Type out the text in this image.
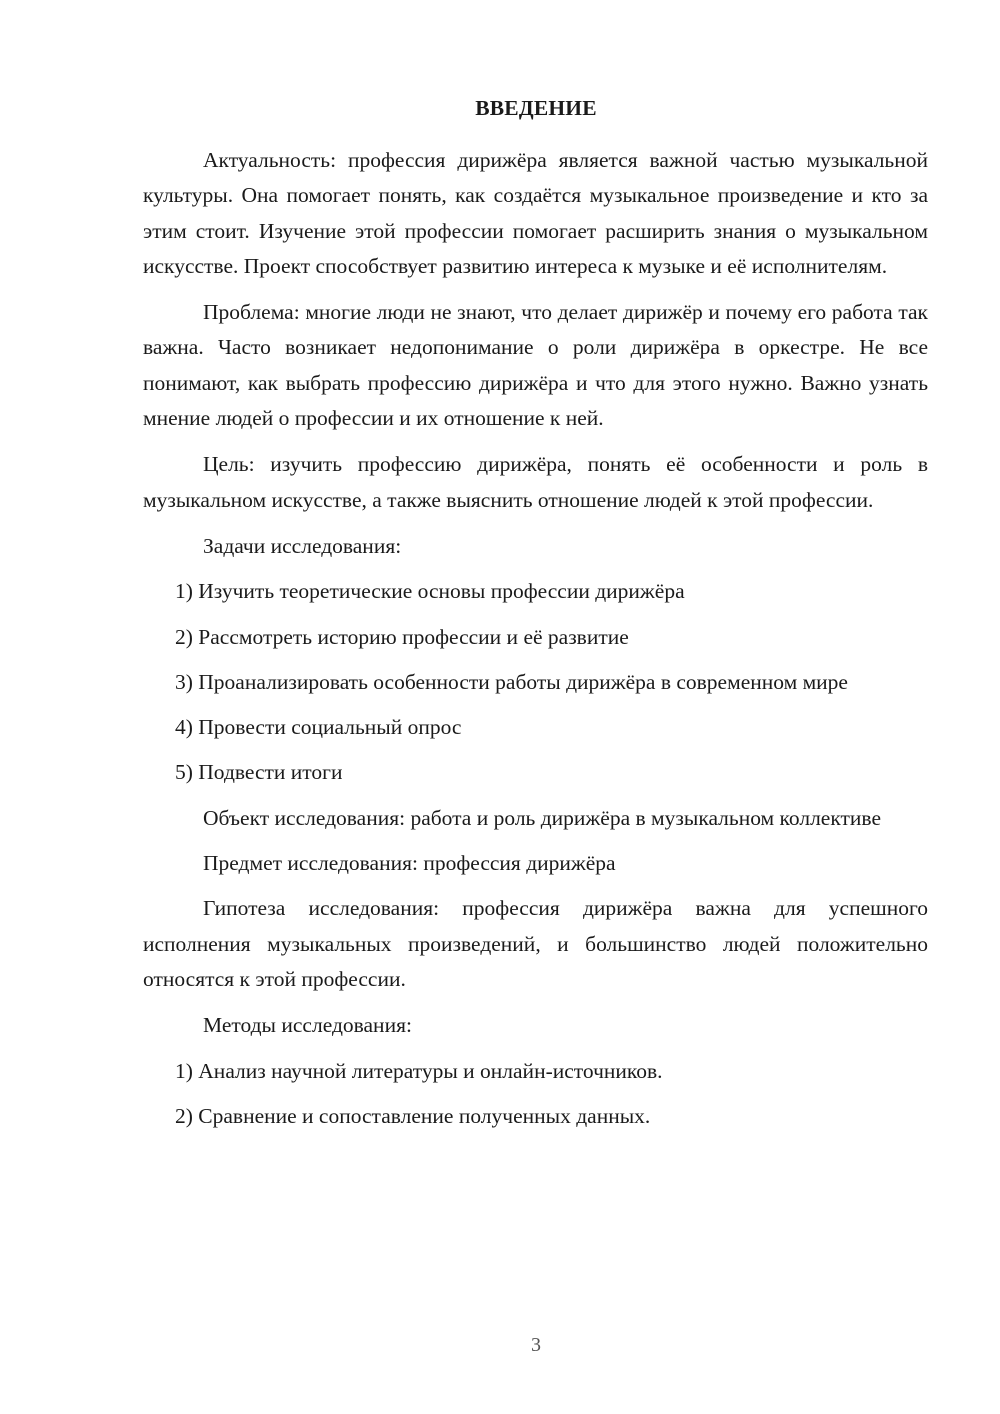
ВВЕДЕНИЕ

Актуальность: профессия дирижёра является важной частью музыкальной культуры. Она помогает понять, как создаётся музыкальное произведение и кто за этим стоит. Изучение этой профессии помогает расширить знания о музыкальном искусстве. Проект способствует развитию интереса к музыке и её исполнителям.

Проблема: многие люди не знают, что делает дирижёр и почему его работа так важна. Часто возникает недопонимание о роли дирижёра в оркестре. Не все понимают, как выбрать профессию дирижёра и что для этого нужно. Важно узнать мнение людей о профессии и их отношение к ней.

Цель: изучить профессию дирижёра, понять её особенности и роль в музыкальном искусстве, а также выяснить отношение людей к этой профессии.

Задачи исследования:

1) Изучить теоретические основы профессии дирижёра

2) Рассмотреть историю профессии и её развитие

3) Проанализировать особенности работы дирижёра в современном мире

4) Провести социальный опрос

5) Подвести итоги

Объект исследования: работа и роль дирижёра в музыкальном коллективе

Предмет исследования: профессия дирижёра

Гипотеза исследования: профессия дирижёра важна для успешного исполнения музыкальных произведений, и большинство людей положительно относятся к этой профессии.

Методы исследования:

1) Анализ научной литературы и онлайн-источников.

2) Сравнение и сопоставление полученных данных.

3
